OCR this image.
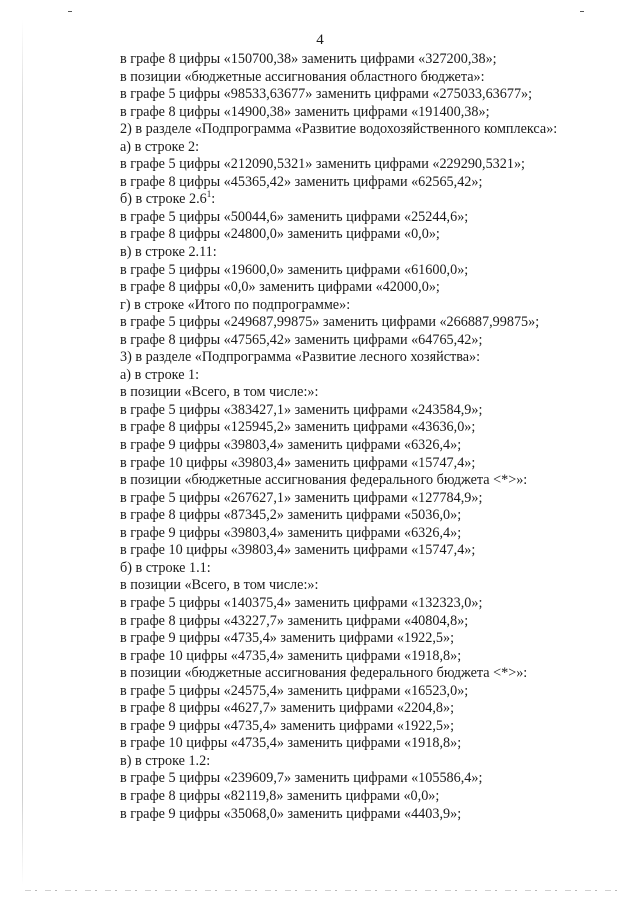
4
в графе 8 цифры «150700,38» заменить цифрами «327200,38»;
в позиции «бюджетные ассигнования областного бюджета»:
в графе 5 цифры «98533,63677» заменить цифрами «275033,63677»;
в графе 8 цифры «14900,38» заменить цифрами «191400,38»;
2) в разделе «Подпрограмма «Развитие водохозяйственного комплекса»:
а) в строке 2:
в графе 5 цифры «212090,5321» заменить цифрами «229290,5321»;
в графе 8 цифры «45365,42» заменить цифрами «62565,42»;
б) в строке $2.6^1$:
в графе 5 цифры «50044,6» заменить цифрами «25244,6»;
в графе 8 цифры «24800,0» заменить цифрами «0,0»;
в) в строке 2.11:
в графе 5 цифры «19600,0» заменить цифрами «61600,0»;
в графе 8 цифры «0,0» заменить цифрами «42000,0»;
г) в строке «Итого по подпрограмме»:
в графе 5 цифры «249687,99875» заменить цифрами «266887,99875»;
в графе 8 цифры «47565,42» заменить цифрами «64765,42»;
3) в разделе «Подпрограмма «Развитие лесного хозяйства»:
а) в строке 1:
в позиции «Всего, в том числе:»:
в графе 5 цифры «383427,1» заменить цифрами «243584,9»;
в графе 8 цифры «125945,2» заменить цифрами «43636,0»;
в графе 9 цифры «39803,4» заменить цифрами «6326,4»;
в графе 10 цифры «39803,4» заменить цифрами «15747,4»;
в позиции «бюджетные ассигнования федерального бюджета <*>»:
в графе 5 цифры «267627,1» заменить цифрами «127784,9»;
в графе 8 цифры «87345,2» заменить цифрами «5036,0»;
в графе 9 цифры «39803,4» заменить цифрами «6326,4»;
в графе 10 цифры «39803,4» заменить цифрами «15747,4»;
б) в строке 1.1:
в позиции «Всего, в том числе:»:
в графе 5 цифры «140375,4» заменить цифрами «132323,0»;
в графе 8 цифры «43227,7» заменить цифрами «40804,8»;
в графе 9 цифры «4735,4» заменить цифрами «1922,5»;
в графе 10 цифры «4735,4» заменить цифрами «1918,8»;
в позиции «бюджетные ассигнования федерального бюджета <*>»:
в графе 5 цифры «24575,4» заменить цифрами «16523,0»;
в графе 8 цифры «4627,7» заменить цифрами «2204,8»;
в графе 9 цифры «4735,4» заменить цифрами «1922,5»;
в графе 10 цифры «4735,4» заменить цифрами «1918,8»;
в) в строке 1.2:
в графе 5 цифры «239609,7» заменить цифрами «105586,4»;
в графе 8 цифры «82119,8» заменить цифрами «0,0»;
в графе 9 цифры «35068,0» заменить цифрами «4403,9»;
